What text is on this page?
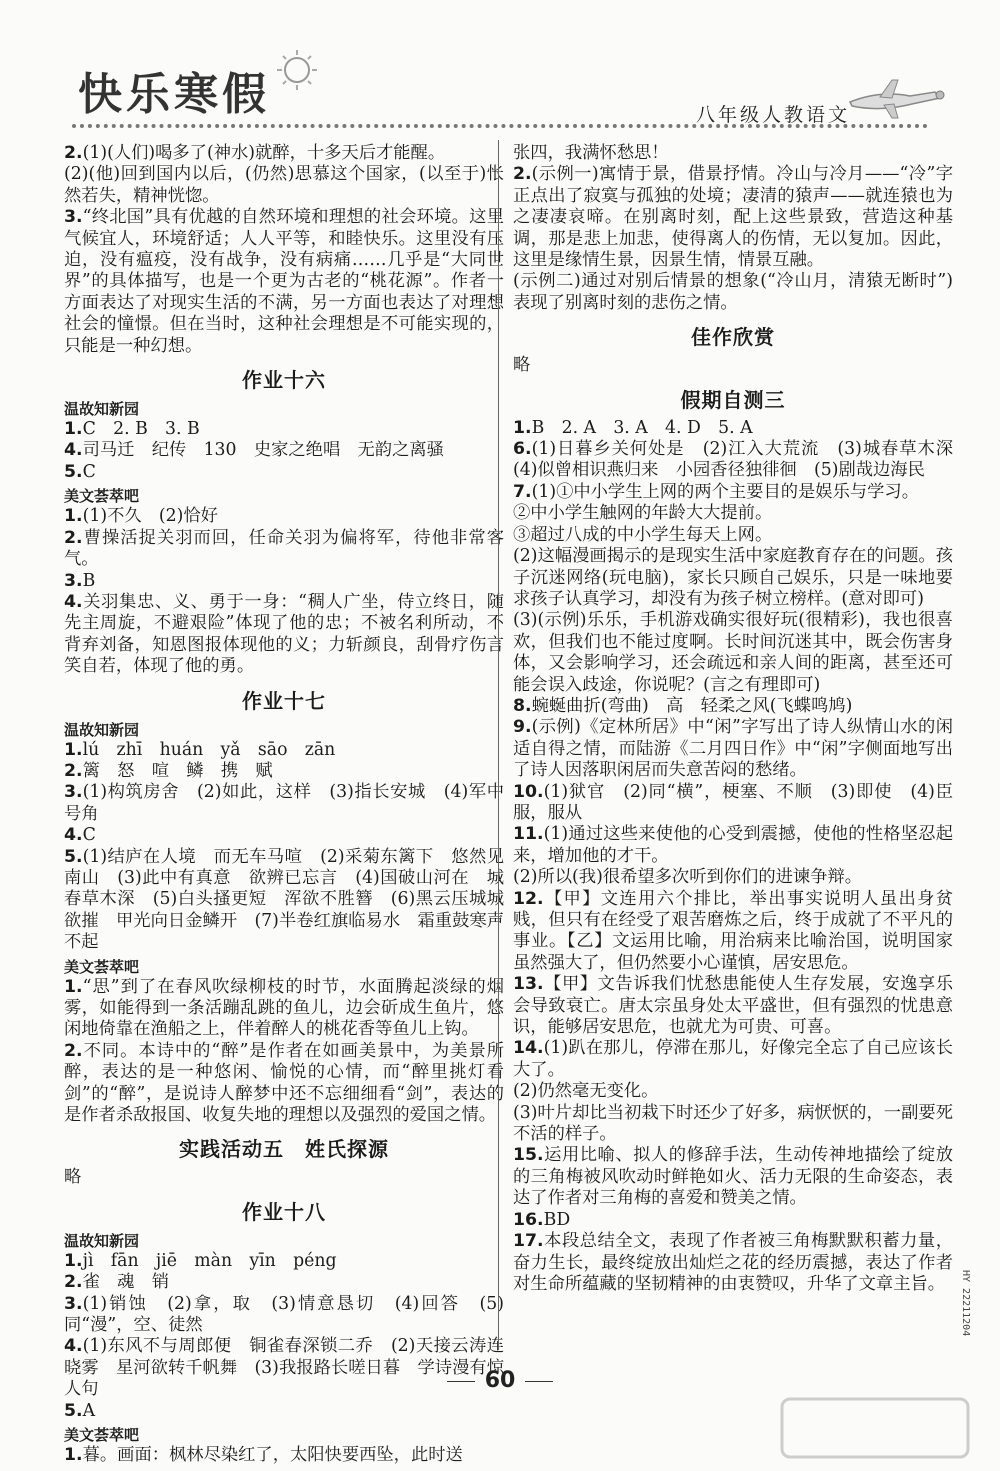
快乐寒假	八年级人教语文

2.(1)(人们)喝多了(神水)就醉，十多天后才能醒。

(2)(他)回到国内以后，(仍然)思慕这个国家，(以至于)怅然若失，精神恍惚。

3.“终北国”具有优越的自然环境和理想的社会环境。这里气候宜人，环境舒适；人人平等，和睦快乐。这里没有压迫，没有瘟疫，没有战争，没有病痛……几乎是“大同世界”的具体描写，也是一个更为古老的“桃花源”。作者一方面表达了对现实生活的不满，另一方面也表达了对理想社会的憧憬。但在当时，这种社会理想是不可能实现的，只能是一种幻想。

作业十六
温故知新园

1.C　2. B　3. B

4.司马迁　纪传　130　史家之绝唱　无韵之离骚

5.C

美文荟萃吧

1.(1)不久　(2)恰好

2.曹操活捉关羽而回，任命关羽为偏将军，待他非常客气。

3.B

4.关羽集忠、义、勇于一身：“稠人广坐，侍立终日，随先主周旋，不避艰险”体现了他的忠；不被名利所动，不背弃刘备，知恩图报体现他的义；力斩颜良，刮骨疗伤言笑自若，体现了他的勇。

作业十七
温故知新园

1.lú　zhī　huán　yǎ　sāo　zān

2.篱　怒　喧　鳞　携　赋

3.(1)构筑房舍　(2)如此，这样　(3)指长安城　(4)军中号角

4.C

5.(1)结庐在人境　而无车马喧　(2)采菊东篱下　悠然见南山　(3)此中有真意　欲辨已忘言　(4)国破山河在　城春草木深　(5)白头搔更短　浑欲不胜簪　(6)黑云压城城欲摧　甲光向日金鳞开　(7)半卷红旗临易水　霜重鼓寒声不起

美文荟萃吧

1.“思”到了在春风吹绿柳枝的时节，水面腾起淡绿的烟雾，如能得到一条活蹦乱跳的鱼儿，边会斫成生鱼片，悠闲地倚靠在渔船之上，伴着醉人的桃花香等鱼儿上钩。

2.不同。本诗中的“醉”是作者在如画美景中，为美景所醉，表达的是一种悠闲、愉悦的心情，而“醉里挑灯看剑”的“醉”，是说诗人醉梦中还不忘细细看“剑”，表达的是作者杀敌报国、收复失地的理想以及强烈的爱国之情。

实践活动五　姓氏探源

略

作业十八
温故知新园

1.jì　fān　jiē　màn　yīn　péng

2.雀　魂　销

3.(1)销蚀　(2)拿，取　(3)情意恳切　(4)回答　(5)同“漫”，空、徒然

4.(1)东风不与周郎便　铜雀春深锁二乔　(2)天接云涛连晓雾　星河欲转千帆舞　(3)我报路长嗟日暮　学诗漫有惊人句

5.A

美文荟萃吧

1.暮。画面：枫林尽染红了，太阳快要西坠，此时送

张四，我满怀愁思！

2.(示例一)寓情于景，借景抒情。冷山与冷月——“冷”字正点出了寂寞与孤独的处境；凄清的猿声——就连猿也为之凄凄哀啼。在别离时刻，配上这些景致，营造这种基调，那是悲上加悲，使得离人的伤情，无以复加。因此，这里是缘情生景，因景生情，情景互融。

(示例二)通过对别后情景的想象(“冷山月，清猿无断时”)表现了别离时刻的悲伤之情。

佳作欣赏

略

假期自测三

1.B　2. A　3. A　4. D　5. A

6.(1)日暮乡关何处是　(2)江入大荒流　(3)城春草木深　(4)似曾相识燕归来　小园香径独徘徊　(5)剧哉边海民

7.(1)①中小学生上网的两个主要目的是娱乐与学习。

②中小学生触网的年龄大大提前。

③超过八成的中小学生每天上网。

(2)这幅漫画揭示的是现实生活中家庭教育存在的问题。孩子沉迷网络(玩电脑)，家长只顾自己娱乐，只是一味地要求孩子认真学习，却没有为孩子树立榜样。(意对即可)

(3)(示例)乐乐，手机游戏确实很好玩(很精彩)，我也很喜欢，但我们也不能过度啊。长时间沉迷其中，既会伤害身体，又会影响学习，还会疏远和亲人间的距离，甚至还可能会误入歧途，你说呢？(言之有理即可)

8.蜿蜒曲折(弯曲)　高　轻柔之风(飞蝶鸣鸠)

9.(示例)《定林所居》中“闲”字写出了诗人纵情山水的闲适自得之情，而陆游《二月四日作》中“闲”字侧面地写出了诗人因落职闲居而失意苦闷的愁绪。

10.(1)狱官　(2)同“横”，梗塞、不顺　(3)即使　(4)臣服，服从

11.(1)通过这些来使他的心受到震撼，使他的性格坚忍起来，增加他的才干。

(2)所以(我)很希望多次听到你们的进谏争辩。

12.【甲】文连用六个排比，举出事实说明人虽出身贫贱，但只有在经受了艰苦磨炼之后，终于成就了不平凡的事业。【乙】文运用比喻，用治病来比喻治国，说明国家虽然强大了，但仍然要小心谨慎，居安思危。

13.【甲】文告诉我们忧愁患能使人生存发展，安逸享乐会导致衰亡。唐太宗虽身处太平盛世，但有强烈的忧患意识，能够居安思危，也就尤为可贵、可喜。

14.(1)趴在那儿，停滞在那儿，好像完全忘了自己应该长大了。

(2)仍然毫无变化。

(3)叶片却比当初栽下时还少了好多，病恹恹的，一副要死不活的样子。

15.运用比喻、拟人的修辞手法，生动传神地描绘了绽放的三角梅被风吹动时鲜艳如火、活力无限的生命姿态，表达了作者对三角梅的喜爱和赞美之情。

16.BD

17.本段总结全文，表现了作者被三角梅默默积蓄力量，奋力生长，最终绽放出灿烂之花的经历震撼，表达了作者对生命所蕴藏的坚韧精神的由衷赞叹，升华了文章主旨。

60
HY 22211204
